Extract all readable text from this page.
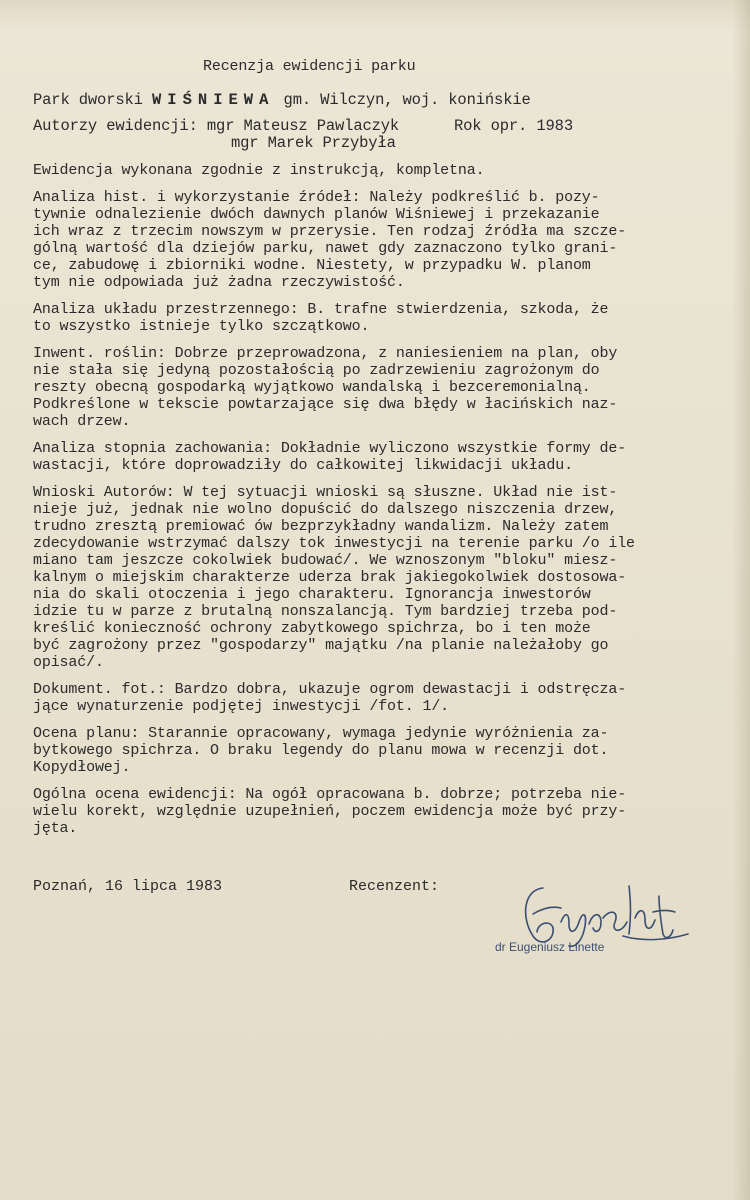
Recenzja ewidencji parku
Park dworski WIŚNIEWA gm. Wilczyn, woj. konińskie
Autorzy ewidencji: mgr Mateusz Pawlaczyk	Rok opr. 1983
mgr Marek Przybyła
Ewidencja wykonana zgodnie z instrukcją, kompletna.
Analiza hist. i wykorzystanie źródeł: Należy podkreślić b. pozy-
tywnie odnalezienie dwóch dawnych planów Wiśniewej i przekazanie
ich wraz z trzecim nowszym w przerysie. Ten rodzaj źródła ma szcze-
gólną wartość dla dziejów parku, nawet gdy zaznaczono tylko grani-
ce, zabudowę i zbiorniki wodne. Niestety, w przypadku W. planom
tym nie odpowiada już żadna rzeczywistość.
Analiza układu przestrzennego: B. trafne stwierdzenia, szkoda, że
to wszystko istnieje tylko szczątkowo.
Inwent. roślin: Dobrze przeprowadzona, z naniesieniem na plan, oby
nie stała się jedyną pozostałością po zadrzewieniu zagrożonym do
reszty obecną gospodarką wyjątkowo wandalską i bezceremonialną.
Podkreślone w tekscie powtarzające się dwa błędy w łacińskich naz-
wach drzew.
Analiza stopnia zachowania: Dokładnie wyliczono wszystkie formy de-
wastacji, które doprowadziły do całkowitej likwidacji układu.
Wnioski Autorów: W tej sytuacji wnioski są słuszne. Układ nie ist-
nieje już, jednak nie wolno dopuścić do dalszego niszczenia drzew,
trudno zresztą premiować ów bezprzykładny wandalizm. Należy zatem
zdecydowanie wstrzymać dalszy tok inwestycji na terenie parku /o ile
miano tam jeszcze cokolwiek budować/. We wznoszonym "bloku" miesz-
kalnym o miejskim charakterze uderza brak jakiegokolwiek dostosowa-
nia do skali otoczenia i jego charakteru. Ignorancja inwestorów
idzie tu w parze z brutalną nonszalancją. Tym bardziej trzeba pod-
kreślić konieczność ochrony zabytkowego spichrza, bo i ten może
być zagrożony przez "gospodarzy" majątku /na planie należałoby go
opisać/.
Dokument. fot.: Bardzo dobra, ukazuje ogrom dewastacji i odstręcza-
jące wynaturzenie podjętej inwestycji /fot. 1/.
Ocena planu: Starannie opracowany, wymaga jedynie wyróżnienia za-
bytkowego spichrza. O braku legendy do planu mowa w recenzji dot.
Kopydłowej.
Ogólna ocena ewidencji: Na ogół opracowana b. dobrze; potrzeba nie-
wielu korekt, względnie uzupełnień, poczem ewidencja może być przy-
jęta.
Poznań, 16 lipca 1983	Recenzent:
dr Eugeniusz Linette
